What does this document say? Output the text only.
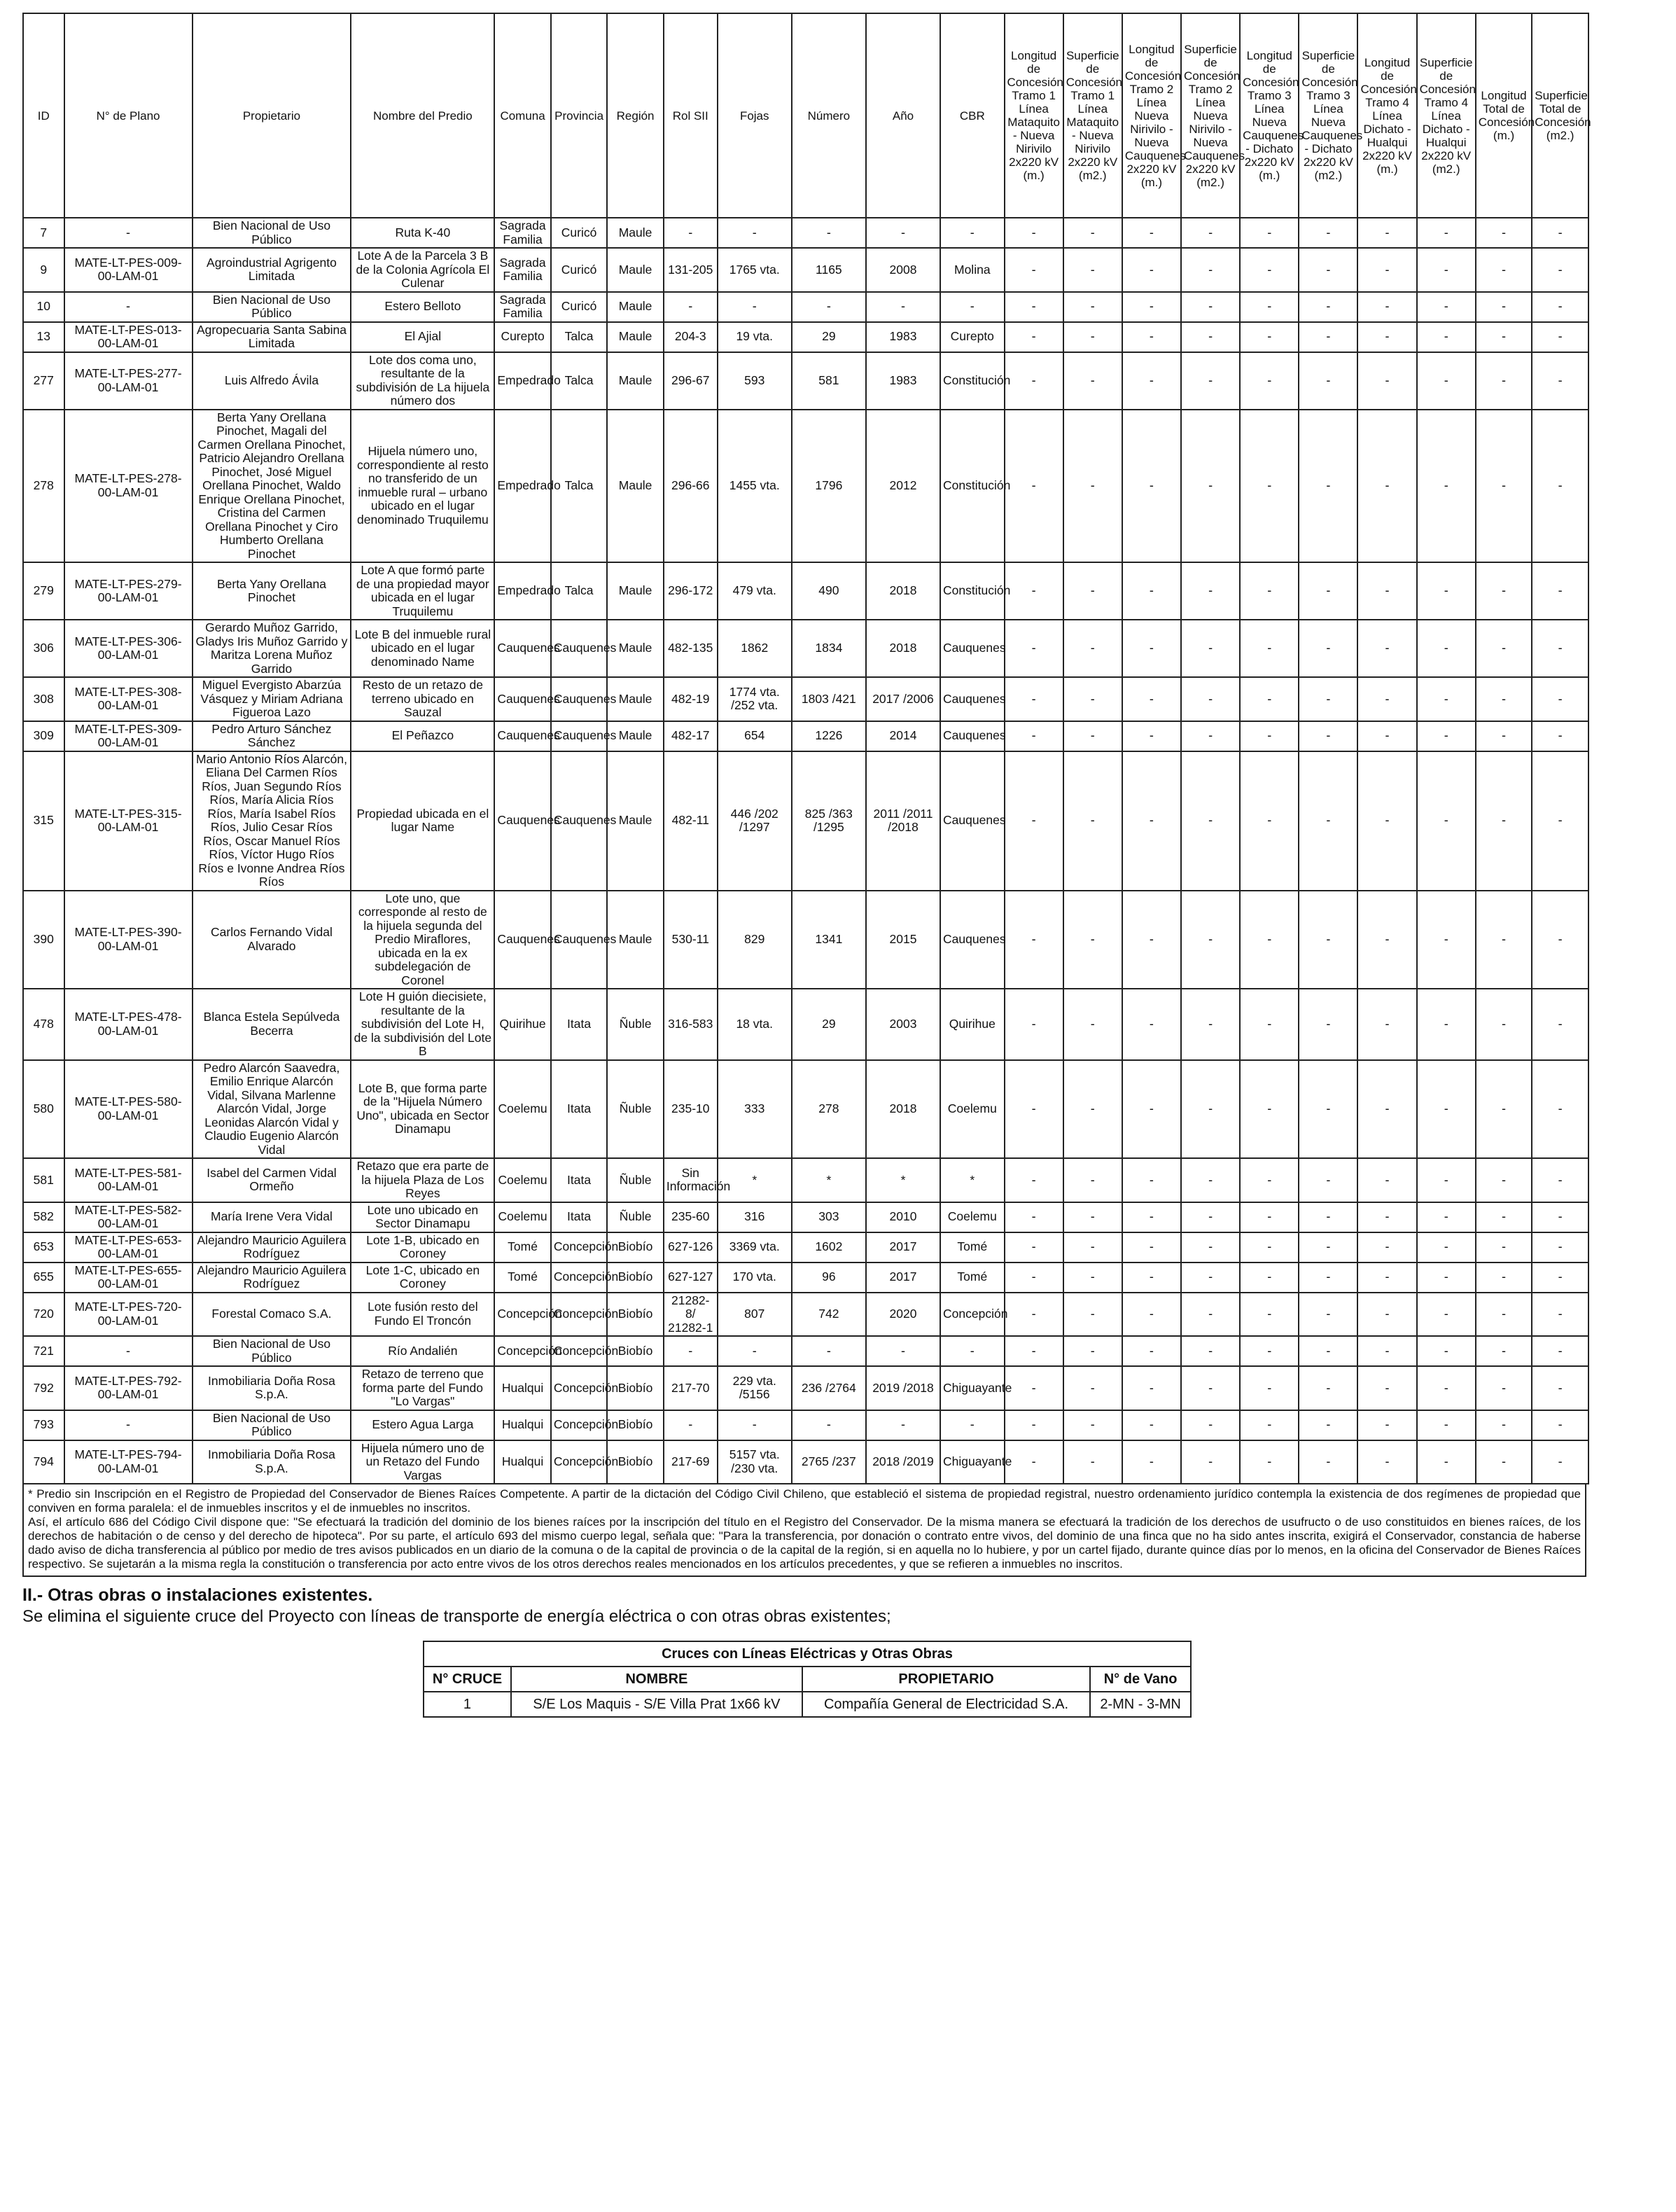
ID	N° de Plano	Propietario	Nombre del Predio	Comuna	Provincia	Región	Rol SII	Fojas	Número	Año	CBR	Longitud de Concesión Tramo 1 Línea Mataquito - Nueva Nirivilo 2x220 kV (m.)	Superficie de Concesión Tramo 1 Línea Mataquito - Nueva Nirivilo 2x220 kV (m2.)	Longitud de Concesión Tramo 2 Línea Nueva Nirivilo - Nueva Cauquenes 2x220 kV (m.)	Superficie de Concesión Tramo 2 Línea Nueva Nirivilo - Nueva Cauquenes 2x220 kV (m2.)	Longitud de Concesión Tramo 3 Línea Nueva Cauquenes - Dichato 2x220 kV (m.)	Superficie de Concesión Tramo 3 Línea Nueva Cauquenes - Dichato 2x220 kV (m2.)	Longitud de Concesión Tramo 4 Línea Dichato - Hualqui 2x220 kV (m.)	Superficie de Concesión Tramo 4 Línea Dichato - Hualqui 2x220 kV (m2.)	Longitud Total de Concesión (m.)	Superficie Total de Concesión (m2.)
7	-	Bien Nacional de Uso Público	Ruta K-40	Sagrada Familia	Curicó	Maule	-	-	-	-	-	-	-	-	-	-	-	-	-	-	-
9	MATE-LT-PES-009-00-LAM-01	Agroindustrial Agrigento Limitada	Lote A de la Parcela 3 B de la Colonia Agrícola El Culenar	Sagrada Familia	Curicó	Maule	131-205	1765 vta.	1165	2008	Molina	-	-	-	-	-	-	-	-	-	-
10	-	Bien Nacional de Uso Público	Estero Belloto	Sagrada Familia	Curicó	Maule	-	-	-	-	-	-	-	-	-	-	-	-	-	-	-
13	MATE-LT-PES-013-00-LAM-01	Agropecuaria Santa Sabina Limitada	El Ajial	Curepto	Talca	Maule	204-3	19 vta.	29	1983	Curepto	-	-	-	-	-	-	-	-	-	-
277	MATE-LT-PES-277-00-LAM-01	Luis Alfredo Ávila	Lote dos coma uno, resultante de la subdivisión de La hijuela número dos	Empedrado	Talca	Maule	296-67	593	581	1983	Constitución	-	-	-	-	-	-	-	-	-	-
278	MATE-LT-PES-278-00-LAM-01	Berta Yany Orellana Pinochet, Magali del Carmen Orellana Pinochet, Patricio Alejandro Orellana Pinochet, José Miguel Orellana Pinochet, Waldo Enrique Orellana Pinochet, Cristina del Carmen Orellana Pinochet y Ciro Humberto Orellana Pinochet	Hijuela número uno, correspondiente al resto no transferido de un inmueble rural – urbano ubicado en el lugar denominado Truquilemu	Empedrado	Talca	Maule	296-66	1455 vta.	1796	2012	Constitución	-	-	-	-	-	-	-	-	-	-
279	MATE-LT-PES-279-00-LAM-01	Berta Yany Orellana Pinochet	Lote A que formó parte de una propiedad mayor ubicada en el lugar Truquilemu	Empedrado	Talca	Maule	296-172	479 vta.	490	2018	Constitución	-	-	-	-	-	-	-	-	-	-
306	MATE-LT-PES-306-00-LAM-01	Gerardo Muñoz Garrido, Gladys Iris Muñoz Garrido y Maritza Lorena Muñoz Garrido	Lote B del inmueble rural ubicado en el lugar denominado Name	Cauquenes	Cauquenes	Maule	482-135	1862	1834	2018	Cauquenes	-	-	-	-	-	-	-	-	-	-
308	MATE-LT-PES-308-00-LAM-01	Miguel Evergisto Abarzúa Vásquez y Miriam Adriana Figueroa Lazo	Resto de un retazo de terreno ubicado en Sauzal	Cauquenes	Cauquenes	Maule	482-19	1774 vta. /252 vta.	1803 /421	2017 /2006	Cauquenes	-	-	-	-	-	-	-	-	-	-
309	MATE-LT-PES-309-00-LAM-01	Pedro Arturo Sánchez Sánchez	El Peñazco	Cauquenes	Cauquenes	Maule	482-17	654	1226	2014	Cauquenes	-	-	-	-	-	-	-	-	-	-
315	MATE-LT-PES-315-00-LAM-01	Mario Antonio Ríos Alarcón, Eliana Del Carmen Ríos Ríos, Juan Segundo Ríos Ríos, María Alicia Ríos Ríos, María Isabel Ríos Ríos, Julio Cesar Ríos Ríos, Oscar Manuel Ríos Ríos, Víctor Hugo Ríos Ríos e Ivonne Andrea Ríos Ríos	Propiedad ubicada en el lugar Name	Cauquenes	Cauquenes	Maule	482-11	446 /202 /1297	825 /363 /1295	2011 /2011 /2018	Cauquenes	-	-	-	-	-	-	-	-	-	-
390	MATE-LT-PES-390-00-LAM-01	Carlos Fernando Vidal Alvarado	Lote uno, que corresponde al resto de la hijuela segunda del Predio Miraflores, ubicada en la ex subdelegación de Coronel	Cauquenes	Cauquenes	Maule	530-11	829	1341	2015	Cauquenes	-	-	-	-	-	-	-	-	-	-
478	MATE-LT-PES-478-00-LAM-01	Blanca Estela Sepúlveda Becerra	Lote H guión diecisiete, resultante de la subdivisión del Lote H, de la subdivisión del Lote B	Quirihue	Itata	Ñuble	316-583	18 vta.	29	2003	Quirihue	-	-	-	-	-	-	-	-	-	-
580	MATE-LT-PES-580-00-LAM-01	Pedro Alarcón Saavedra, Emilio Enrique Alarcón Vidal, Silvana Marlenne Alarcón Vidal, Jorge Leonidas Alarcón Vidal y Claudio Eugenio Alarcón Vidal	Lote B, que forma parte de la "Hijuela Número Uno", ubicada en Sector Dinamapu	Coelemu	Itata	Ñuble	235-10	333	278	2018	Coelemu	-	-	-	-	-	-	-	-	-	-
581	MATE-LT-PES-581-00-LAM-01	Isabel del Carmen Vidal Ormeño	Retazo que era parte de la hijuela Plaza de Los Reyes	Coelemu	Itata	Ñuble	Sin Información	*	*	*	*	-	-	-	-	-	-	-	-	-	-
582	MATE-LT-PES-582-00-LAM-01	María Irene Vera Vidal	Lote uno ubicado en Sector Dinamapu	Coelemu	Itata	Ñuble	235-60	316	303	2010	Coelemu	-	-	-	-	-	-	-	-	-	-
653	MATE-LT-PES-653-00-LAM-01	Alejandro Mauricio Aguilera Rodríguez	Lote 1-B, ubicado en Coroney	Tomé	Concepción	Biobío	627-126	3369 vta.	1602	2017	Tomé	-	-	-	-	-	-	-	-	-	-
655	MATE-LT-PES-655-00-LAM-01	Alejandro Mauricio Aguilera Rodríguez	Lote 1-C, ubicado en Coroney	Tomé	Concepción	Biobío	627-127	170 vta.	96	2017	Tomé	-	-	-	-	-	-	-	-	-	-
720	MATE-LT-PES-720-00-LAM-01	Forestal Comaco S.A.	Lote fusión resto del Fundo El Troncón	Concepción	Concepción	Biobío	21282-8/ 21282-1	807	742	2020	Concepción	-	-	-	-	-	-	-	-	-	-
721	-	Bien Nacional de Uso Público	Río Andalién	Concepción	Concepción	Biobío	-	-	-	-	-	-	-	-	-	-	-	-	-	-	-
792	MATE-LT-PES-792-00-LAM-01	Inmobiliaria Doña Rosa S.p.A.	Retazo de terreno que forma parte del Fundo "Lo Vargas"	Hualqui	Concepción	Biobío	217-70	229 vta. /5156	236 /2764	2019 /2018	Chiguayante	-	-	-	-	-	-	-	-	-	-
793	-	Bien Nacional de Uso Público	Estero Agua Larga	Hualqui	Concepción	Biobío	-	-	-	-	-	-	-	-	-	-	-	-	-	-	-
794	MATE-LT-PES-794-00-LAM-01	Inmobiliaria Doña Rosa S.p.A.	Hijuela número uno de un Retazo del Fundo Vargas	Hualqui	Concepción	Biobío	217-69	5157 vta. /230 vta.	2765 /237	2018 /2019	Chiguayante	-	-	-	-	-	-	-	-	-	-

* Predio sin Inscripción en el Registro de Propiedad del Conservador de Bienes Raíces Competente. A partir de la dictación del Código Civil Chileno, que estableció el sistema de propiedad registral, nuestro ordenamiento jurídico contempla la existencia de dos regímenes de propiedad que conviven en forma paralela: el de inmuebles inscritos y el de inmuebles no inscritos.

Así, el artículo 686 del Código Civil dispone que: "Se efectuará la tradición del dominio de los bienes raíces por la inscripción del título en el Registro del Conservador. De la misma manera se efectuará la tradición de los derechos de usufructo o de uso constituidos en bienes raíces, de los derechos de habitación o de censo y del derecho de hipoteca". Por su parte, el artículo 693 del mismo cuerpo legal, señala que: "Para la transferencia, por donación o contrato entre vivos, del dominio de una finca que no ha sido antes inscrita, exigirá el Conservador, constancia de haberse dado aviso de dicha transferencia al público por medio de tres avisos publicados en un diario de la comuna o de la capital de provincia o de la capital de la región, si en aquella no lo hubiere, y por un cartel fijado, durante quince días por lo menos, en la oficina del Conservador de Bienes Raíces respectivo. Se sujetarán a la misma regla la constitución o transferencia por acto entre vivos de los otros derechos reales mencionados en los artículos precedentes, y que se refieren a inmuebles no inscritos.

II.- Otras obras o instalaciones existentes.

Se elimina el siguiente cruce del Proyecto con líneas de transporte de energía eléctrica o con otras obras existentes;

Cruces con Líneas Eléctricas y Otras Obras			
N° CRUCE	NOMBRE	PROPIETARIO	N° de Vano
1	S/E Los Maquis - S/E Villa Prat 1x66 kV	Compañía General de Electricidad S.A.	2-MN - 3-MN
